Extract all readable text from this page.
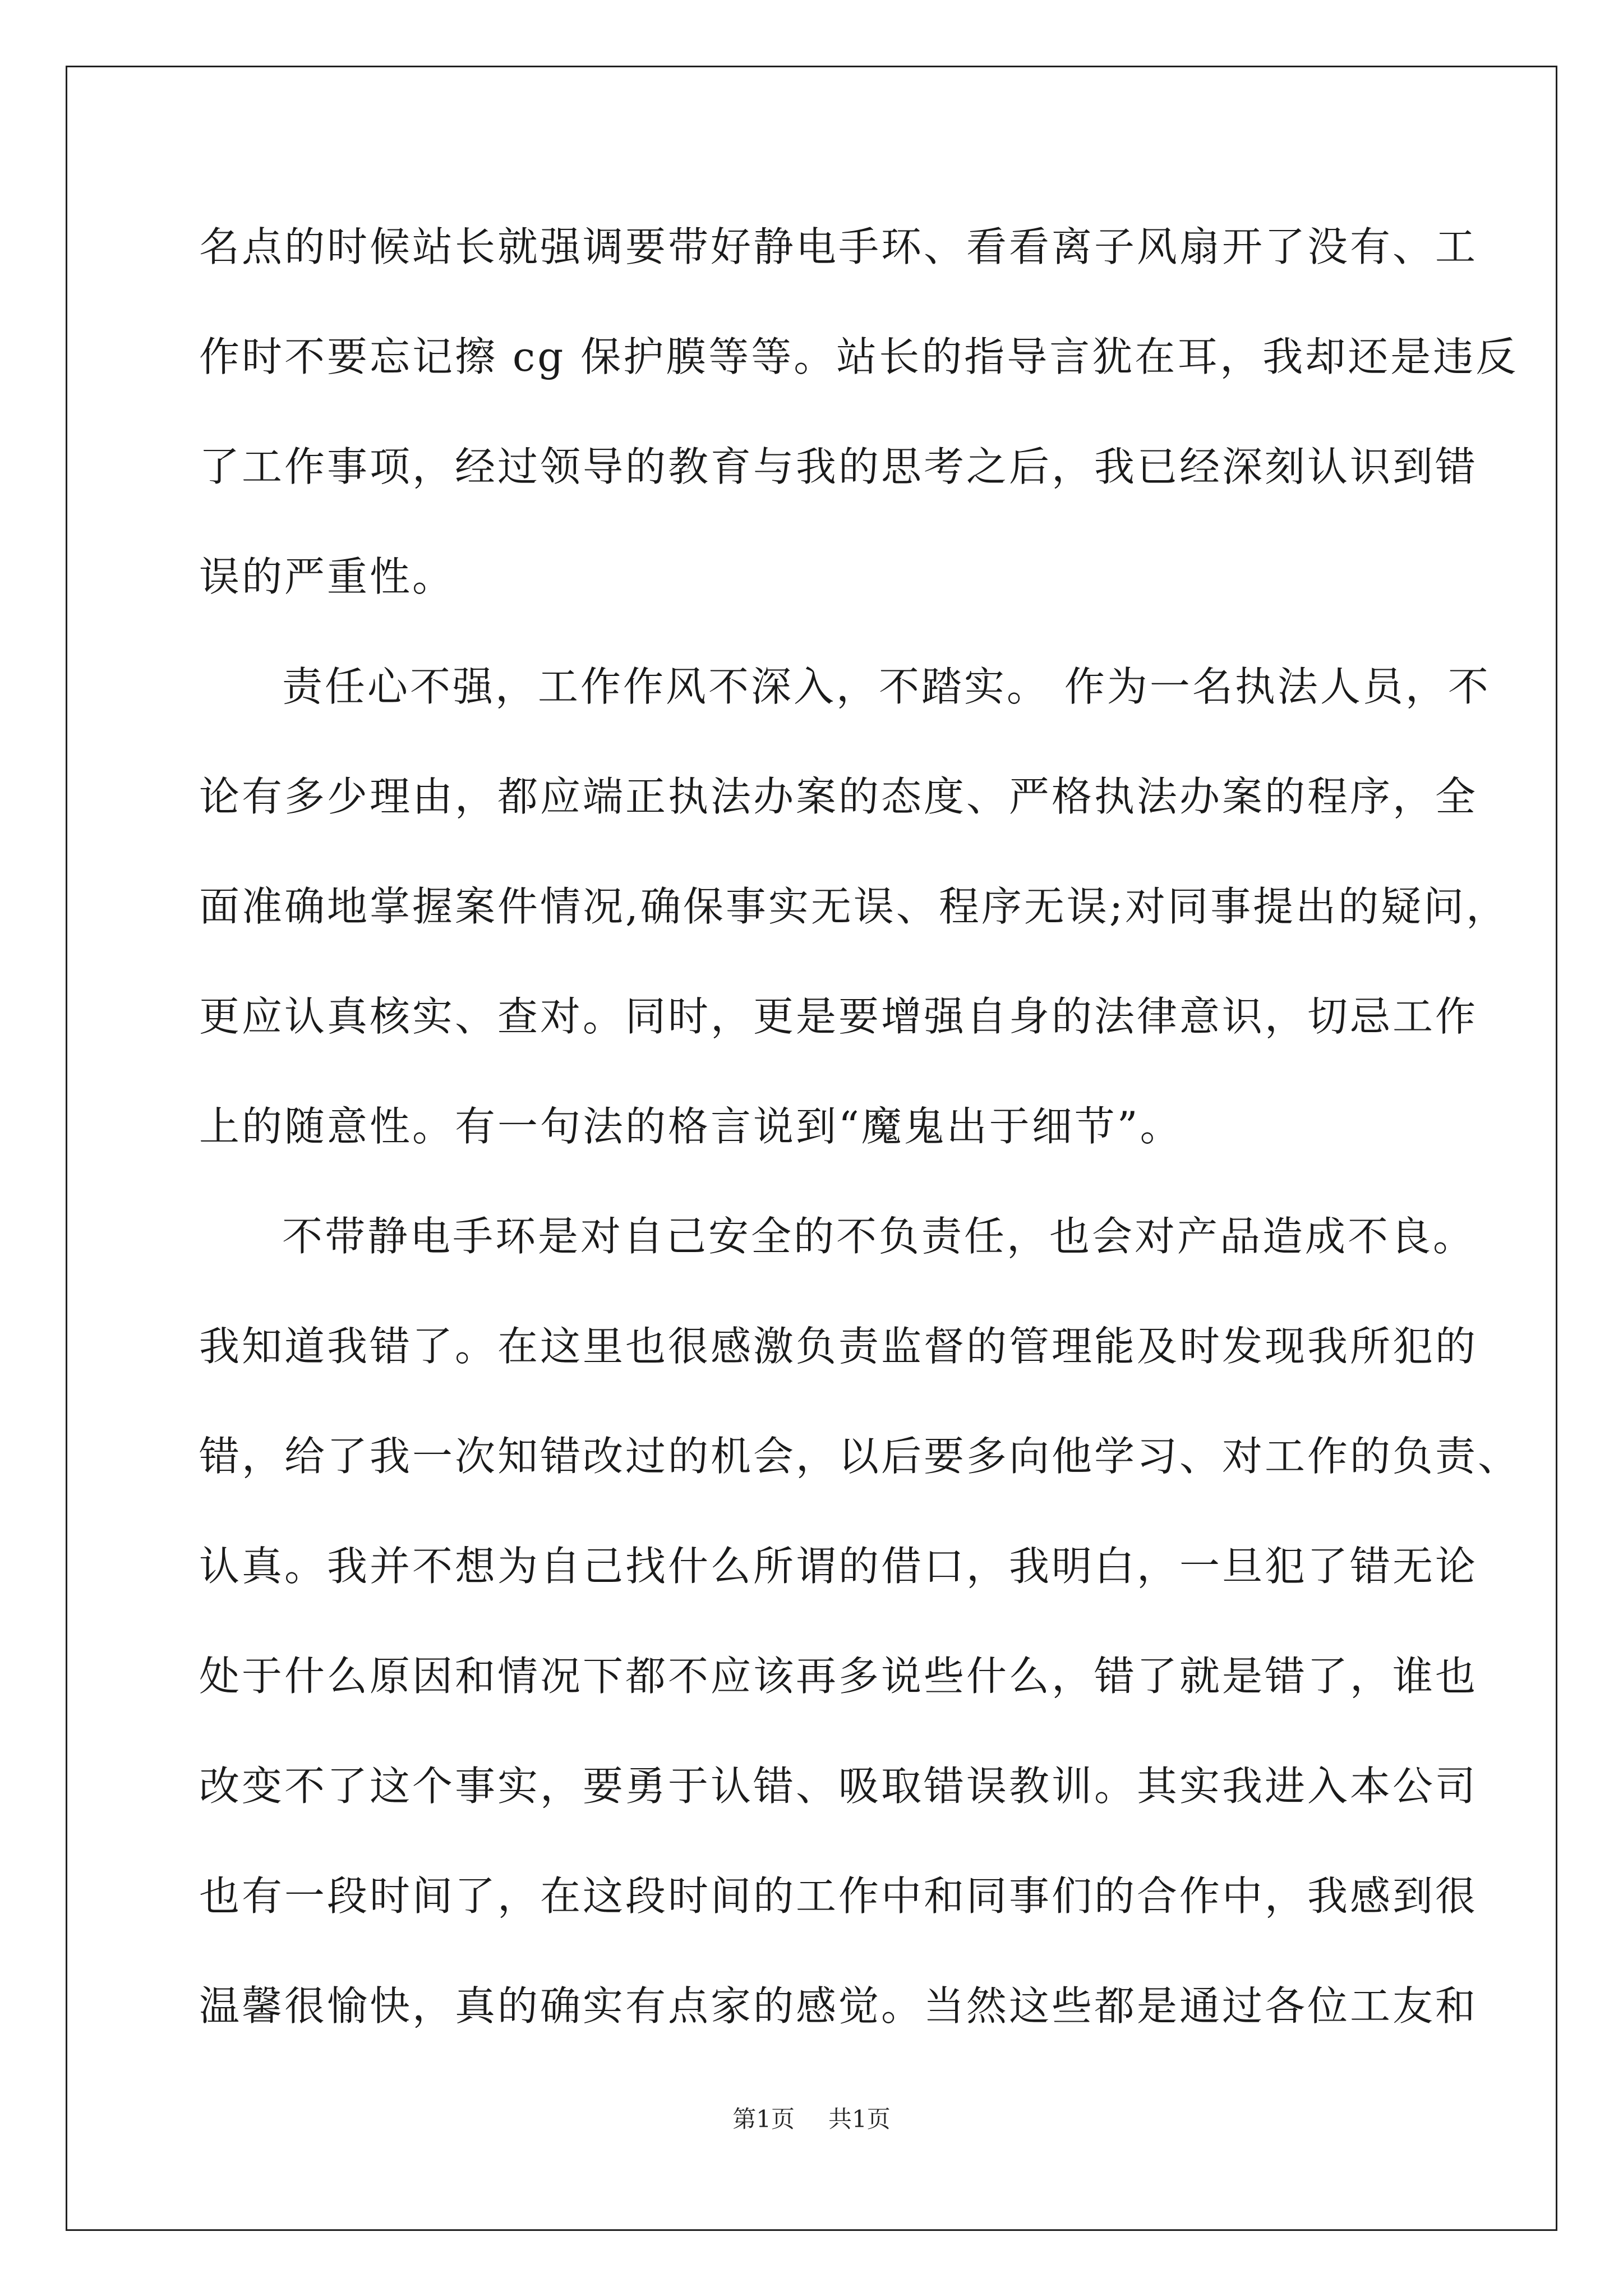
名点的时候站长就强调要带好静电手环、看看离子风扇开了没有、工
作时不要忘记擦 cg 保护膜等等。站长的指导言犹在耳，我却还是违反
了工作事项，经过领导的教育与我的思考之后，我已经深刻认识到错
误的严重性。
责任心不强，工作作风不深入，不踏实。 作为一名执法人员，不
论有多少理由，都应端正执法办案的态度、严格执法办案的程序，全
面准确地掌握案件情况,确保事实无误、程序无误;对同事提出的疑问，
更应认真核实、查对。同时，更是要增强自身的法律意识，切忌工作
上的随意性。有一句法的格言说到“魔鬼出于细节”。
不带静电手环是对自己安全的不负责任，也会对产品造成不良。
我知道我错了。在这里也很感激负责监督的管理能及时发现我所犯的
错，给了我一次知错改过的机会，以后要多向他学习、对工作的负责、
认真。我并不想为自己找什么所谓的借口，我明白，一旦犯了错无论
处于什么原因和情况下都不应该再多说些什么，错了就是错了，谁也
改变不了这个事实，要勇于认错、吸取错误教训。其实我进入本公司
也有一段时间了，在这段时间的工作中和同事们的合作中，我感到很
温馨很愉快，真的确实有点家的感觉。当然这些都是通过各位工友和
第1页 共1页
